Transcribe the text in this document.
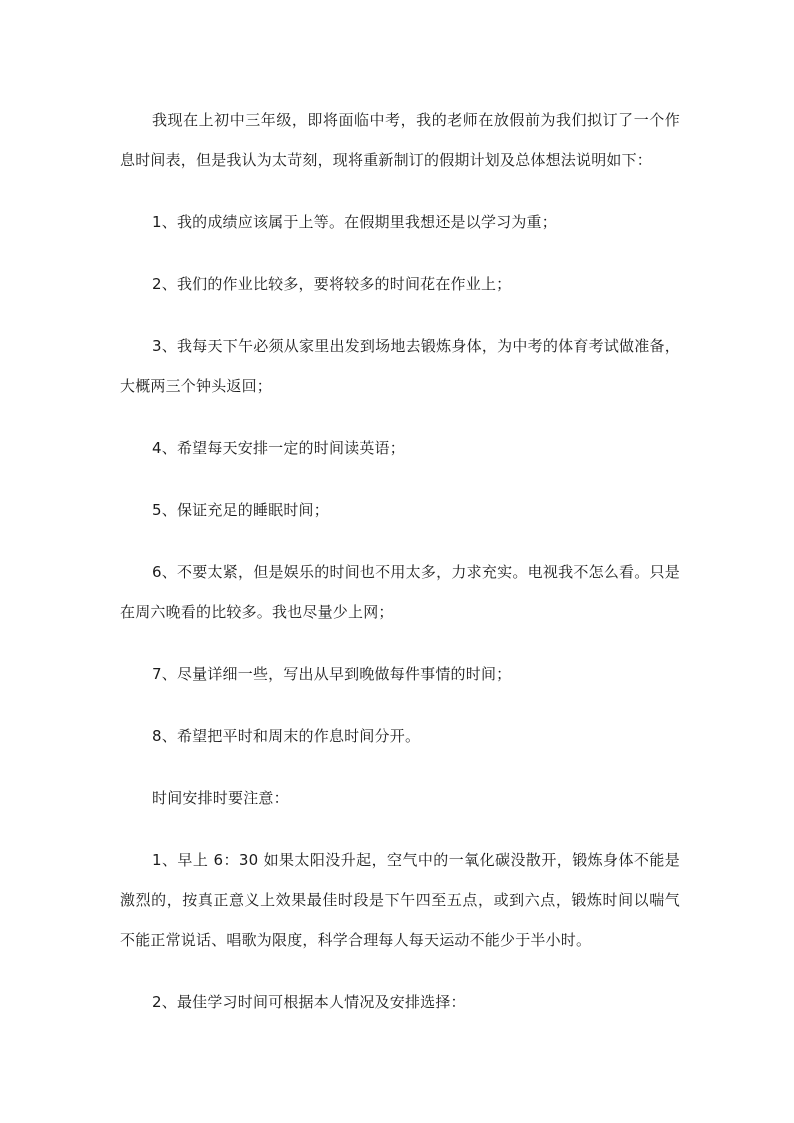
我现在上初中三年级，即将面临中考，我的老师在放假前为我们拟订了一个作息时间表，但是我认为太苛刻，现将重新制订的假期计划及总体想法说明如下：

1、我的成绩应该属于上等。在假期里我想还是以学习为重；

2、我们的作业比较多，要将较多的时间花在作业上；

3、我每天下午必须从家里出发到场地去锻炼身体，为中考的体育考试做准备，大概两三个钟头返回；

4、希望每天安排一定的时间读英语；

5、保证充足的睡眠时间；

6、不要太紧，但是娱乐的时间也不用太多，力求充实。电视我不怎么看。只是在周六晚看的比较多。我也尽量少上网；

7、尽量详细一些，写出从早到晚做每件事情的时间；

8、希望把平时和周末的作息时间分开。

时间安排时要注意：

1、早上 6：30 如果太阳没升起，空气中的一氧化碳没散开，锻炼身体不能是激烈的，按真正意义上效果最佳时段是下午四至五点，或到六点，锻炼时间以喘气不能正常说话、唱歌为限度，科学合理每人每天运动不能少于半小时。

2、最佳学习时间可根据本人情况及安排选择：
